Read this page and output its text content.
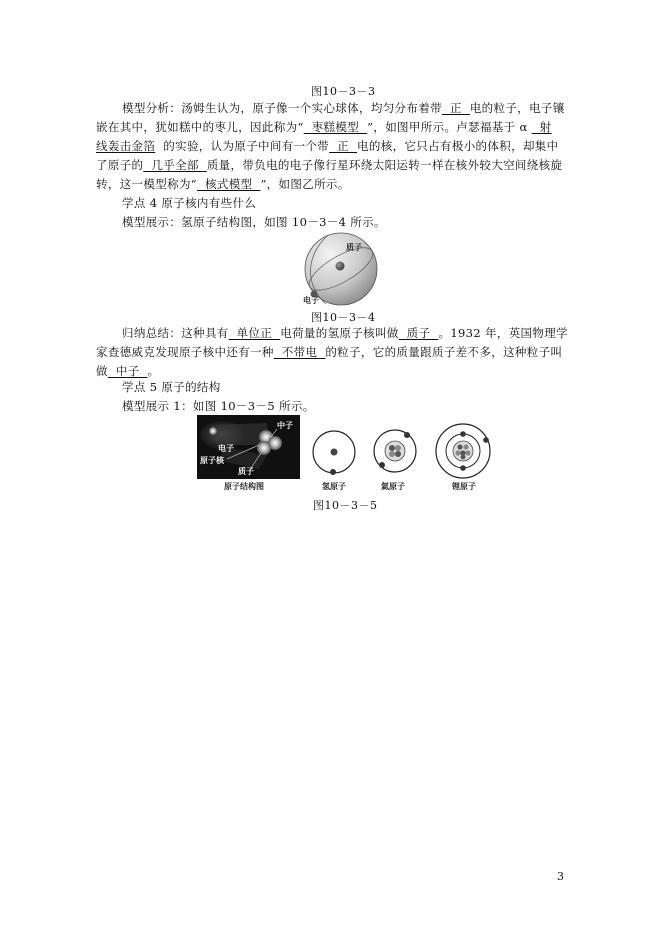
图10－3－3
模型分析：汤姆生认为，原子像一个实心球体，均匀分布着带  正  电的粒子，电子镶
嵌在其中，犹如糕中的枣儿，因此称为“  枣糕模型  ”，如图甲所示。卢瑟福基于 α   射
线轰击金箔  的实验，认为原子中间有一个带  正  电的核，它只占有极小的体积，却集中
了原子的  几乎全部  质量，带负电的电子像行星环绕太阳运转一样在核外较大空间绕核旋
转，这一模型称为“  核式模型  ”，如图乙所示。
学点 4 原子核内有些什么
模型展示：氢原子结构图，如图 10－3－4 所示。
质子
电子
图10－3－4
归纳总结：这种具有  单位正  电荷量的氢原子核叫做  质子  。1932 年，英国物理学
家查德威克发现原子核中还有一种  不带电  的粒子，它的质量跟质子差不多，这种粒子叫
做  中子  。
学点 5 原子的结构
模型展示 1：如图 10－3－5 所示。
中子
电子
原子核
质子
原子结构图	氢原子	氦原子	锂原子
图10－3－5
3
